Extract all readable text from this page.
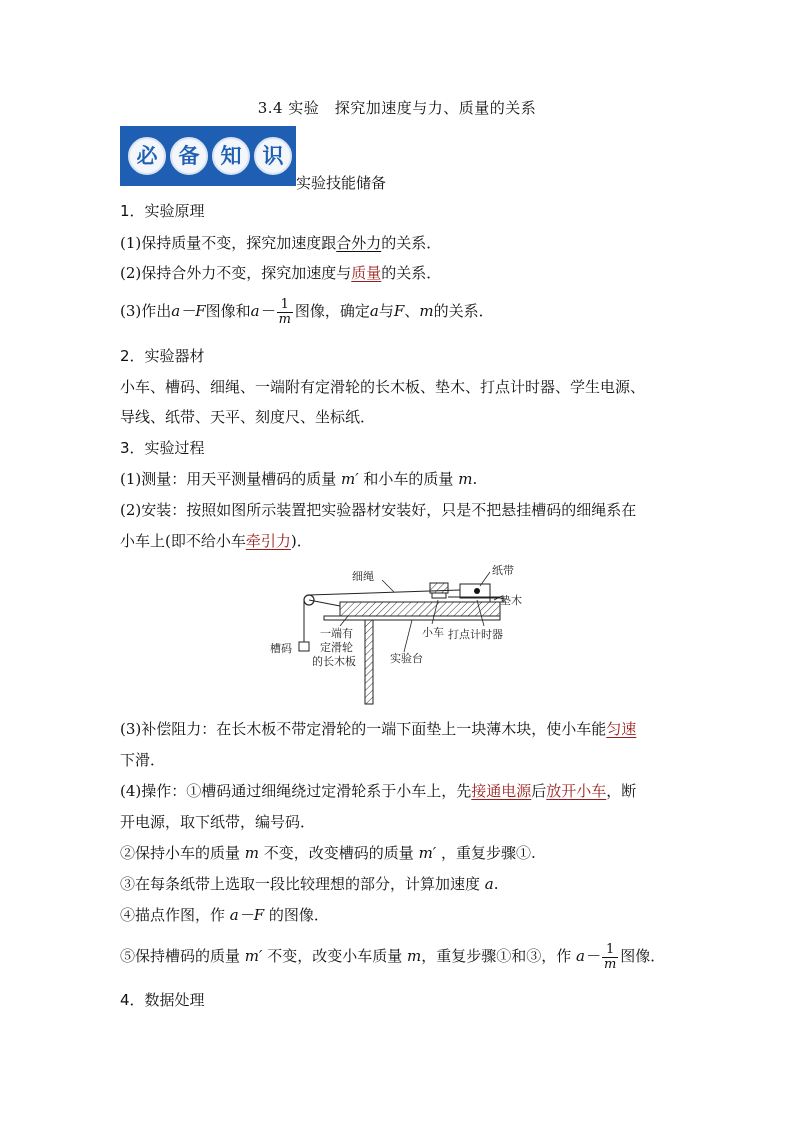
3.4 实验　探究加速度与力、质量的关系
必	备	知	识
实验技能储备
1．实验原理
(1)保持质量不变，探究加速度跟合外力的关系．
(2)保持合外力不变，探究加速度与质量的关系．
(3)作出a－F图像和$a- \frac{1}{m}$ 图像，确定a与F、m的关系．
2．实验器材
小车、槽码、细绳、一端附有定滑轮的长木板、垫木、打点计时器、学生电源、
导线、纸带、天平、刻度尺、坐标纸．
3．实验过程
(1)测量：用天平测量槽码的质量 m′ 和小车的质量 m.
(2)安装：按照如图所示装置把实验器材安装好，只是不把悬挂槽码的细绳系在
小车上(即不给小车牵引力)．
细绳	纸带
垫木
槽码
一端有
定滑轮
的长木板
小车 打点计时器
实验台
(3)补偿阻力：在长木板不带定滑轮的一端下面垫上一块薄木块，使小车能匀速
下滑．
(4)操作：①槽码通过细绳绕过定滑轮系于小车上，先接通电源后放开小车，断
开电源，取下纸带，编号码．
②保持小车的质量 m 不变，改变槽码的质量 m′ ，重复步骤①.
③在每条纸带上选取一段比较理想的部分，计算加速度 a.
④描点作图，作 a－F 的图像．
⑤保持槽码的质量 m′ 不变，改变小车质量 m，重复步骤①和③，作 $a- \frac{1}{m}$ 图像．
4．数据处理
